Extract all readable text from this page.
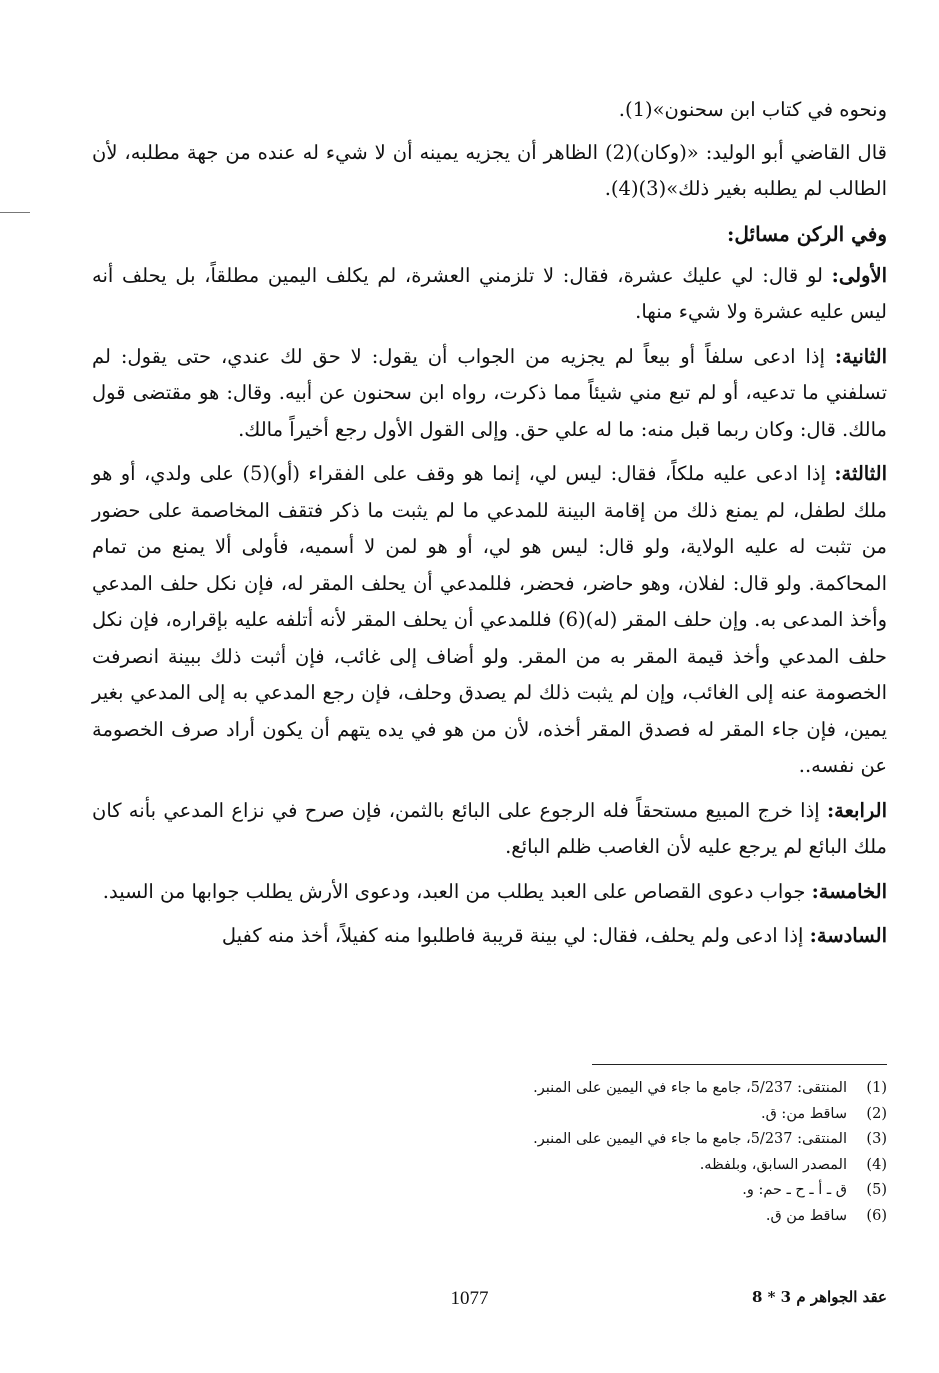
ونحوه في كتاب ابن سحنون»(1).

قال القاضي أبو الوليد: «(وكان)(2) الظاهر أن يجزيه يمينه أن لا شيء له عنده من جهة مطلبه، لأن الطالب لم يطلبه بغير ذلك»(3)(4).

وفي الركن مسائل:

الأولى: لو قال: لي عليك عشرة، فقال: لا تلزمني العشرة، لم يكلف اليمين مطلقاً، بل يحلف أنه ليس عليه عشرة ولا شيء منها.

الثانية: إذا ادعى سلفاً أو بيعاً لم يجزيه من الجواب أن يقول: لا حق لك عندي، حتى يقول: لم تسلفني ما تدعيه، أو لم تبع مني شيئاً مما ذكرت، رواه ابن سحنون عن أبيه. وقال: هو مقتضى قول مالك. قال: وكان ربما قبل منه: ما له علي حق. وإلى القول الأول رجع أخيراً مالك.

الثالثة: إذا ادعى عليه ملكاً، فقال: ليس لي، إنما هو وقف على الفقراء (أو)(5) على ولدي، أو هو ملك لطفل، لم يمنع ذلك من إقامة البينة للمدعي ما لم يثبت ما ذكر فتقف المخاصمة على حضور من تثبت له عليه الولاية، ولو قال: ليس هو لي، أو هو لمن لا أسميه، فأولى ألا يمنع من تمام المحاكمة. ولو قال: لفلان، وهو حاضر، فحضر، فللمدعي أن يحلف المقر له، فإن نكل حلف المدعي وأخذ المدعى به. وإن حلف المقر (له)(6) فللمدعي أن يحلف المقر لأنه أتلفه عليه بإقراره، فإن نكل حلف المدعي وأخذ قيمة المقر به من المقر. ولو أضاف إلى غائب، فإن أثبت ذلك ببينة انصرفت الخصومة عنه إلى الغائب، وإن لم يثبت ذلك لم يصدق وحلف، فإن رجع المدعي به إلى المدعي بغير يمين، فإن جاء المقر له فصدق المقر أخذه، لأن من هو في يده يتهم أن يكون أراد صرف الخصومة عن نفسه..

الرابعة: إذا خرج المبيع مستحقاً فله الرجوع على البائع بالثمن، فإن صرح في نزاع المدعي بأنه كان ملك البائع لم يرجع عليه لأن الغاصب ظلم البائع.

الخامسة: جواب دعوى القصاص على العبد يطلب من العبد، ودعوى الأرش يطلب جوابها من السيد.

السادسة: إذا ادعى ولم يحلف، فقال: لي بينة قريبة فاطلبوا منه كفيلاً، أخذ منه كفيل

(1)
المنتقى: 5/237، جامع ما جاء في اليمين على المنبر.
(2)
ساقط من: ق.
(3)
المنتقى: 5/237، جامع ما جاء في اليمين على المنبر.
(4)
المصدر السابق، وبلفظه.
(5)
ق ـ أ ـ ح ـ حم: و.
(6)
ساقط من ق.
1077	عقد الجواهر م 3 * 8
